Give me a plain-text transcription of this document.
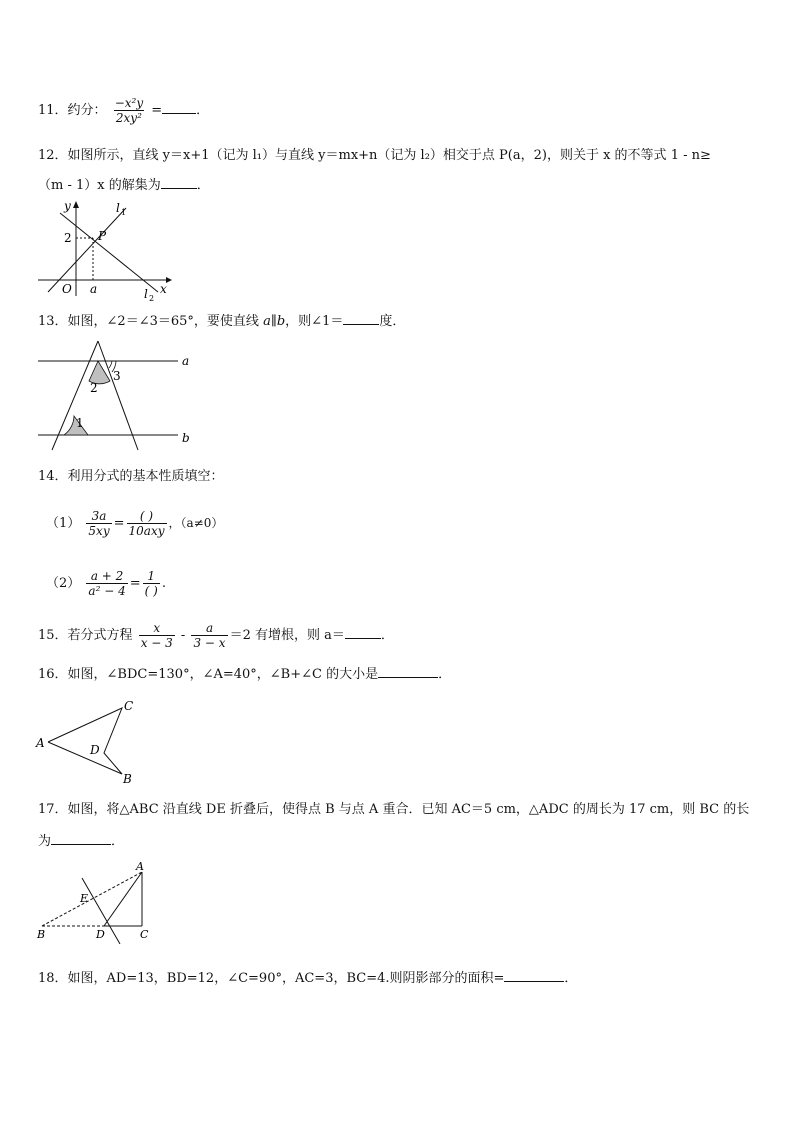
11．约分： $\frac{\text{−x²y}}{\text{2xy²}}$ =	．
12．如图所示，直线 y＝x+1（记为 l₁）与直线 y＝mx+n（记为 l₂）相交于点 P(a，2)，则关于 x 的不等式 1 - n≥
（m - 1）x 的解集为	．
y
x
O a
2 P
l 1
l 2
13．如图，∠2＝∠3＝65°，要使直线 a∥b，则∠1＝	度．
a
b
1
2
3
14．利用分式的基本性质填空：
$(1) \frac{3a}{5xy} = \frac{( )}{\text{10axy}}$ ，（a≠0）
$(2) \frac{a + 2}{\text{a² − 4}} = \frac{1}{( )}$ .
15．若分式方程 $\frac{x}{x - 3} - \frac{a}{3 - x} =2$ 有增根，则 a＝	．
16．如图，∠BDC=130°，∠A=40°，∠B+∠C 的大小是	．
A
C
D
B
17．如图，将△ABC 沿直线 DE 折叠后，使得点 B 与点 A 重合．已知 AC＝5 cm，△ADC 的周长为 17 cm，则 BC 的长
为	．
A
E
B	D	C
18．如图，AD=13，BD=12，∠C=90°，AC=3，BC=4.则阴影部分的面积=	．
